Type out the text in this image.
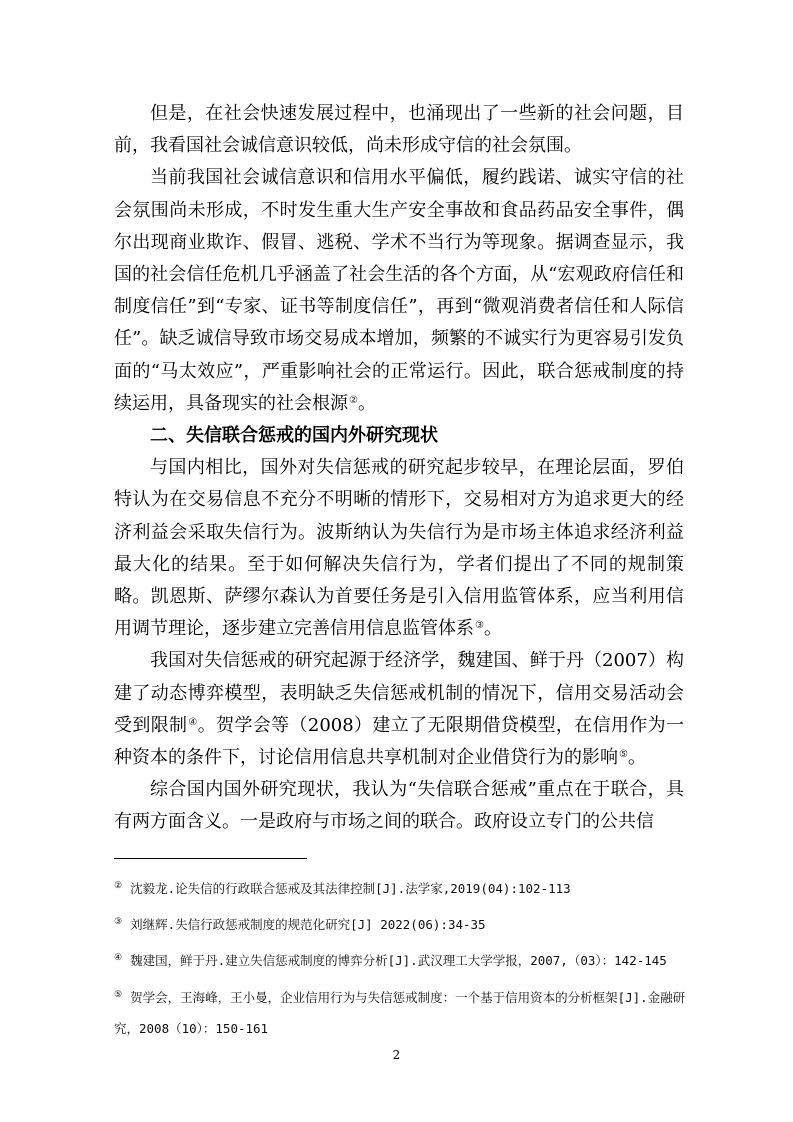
但是，在社会快速发展过程中，也涌现出了一些新的社会问题，目前，我看国社会诚信意识较低，尚未形成守信的社会氛围。

当前我国社会诚信意识和信用水平偏低，履约践诺、诚实守信的社会氛围尚未形成，不时发生重大生产安全事故和食品药品安全事件，偶尔出现商业欺诈、假冒、逃税、学术不当行为等现象。据调查显示，我国的社会信任危机几乎涵盖了社会生活的各个方面，从“宏观政府信任和制度信任”到“专家、证书等制度信任”，再到“微观消费者信任和人际信任”。缺乏诚信导致市场交易成本增加，频繁的不诚实行为更容易引发负面的“马太效应”，严重影响社会的正常运行。因此，联合惩戒制度的持续运用，具备现实的社会根源②。

二、失信联合惩戒的国内外研究现状

与国内相比，国外对失信惩戒的研究起步较早，在理论层面，罗伯特认为在交易信息不充分不明晰的情形下，交易相对方为追求更大的经济利益会采取失信行为。波斯纳认为失信行为是市场主体追求经济利益最大化的结果。至于如何解决失信行为，学者们提出了不同的规制策略。凯恩斯、萨缪尔森认为首要任务是引入信用监管体系，应当利用信用调节理论，逐步建立完善信用信息监管体系③。

我国对失信惩戒的研究起源于经济学，魏建国、鲜于丹（2007）构建了动态博弈模型，表明缺乏失信惩戒机制的情况下，信用交易活动会受到限制④。贺学会等（2008）建立了无限期借贷模型，在信用作为一种资本的条件下，讨论信用信息共享机制对企业借贷行为的影响⑤。

综合国内国外研究现状，我认为“失信联合惩戒”重点在于联合，具有两方面含义。一是政府与市场之间的联合。政府设立专门的公共信

② 沈毅龙.论失信的行政联合惩戒及其法律控制[J].法学家,2019(04):102-113

③ 刘继辉.失信行政惩戒制度的规范化研究[J] 2022(06):34-35

④ 魏建国，鲜于丹.建立失信惩戒制度的博弈分析[J].武汉理工大学学报，2007,（03）：142-145

⑤ 贺学会，王海峰，王小曼，企业信用行为与失信惩戒制度：一个基于信用资本的分析框架[J].金融研究，2008（10）：150-161

2
